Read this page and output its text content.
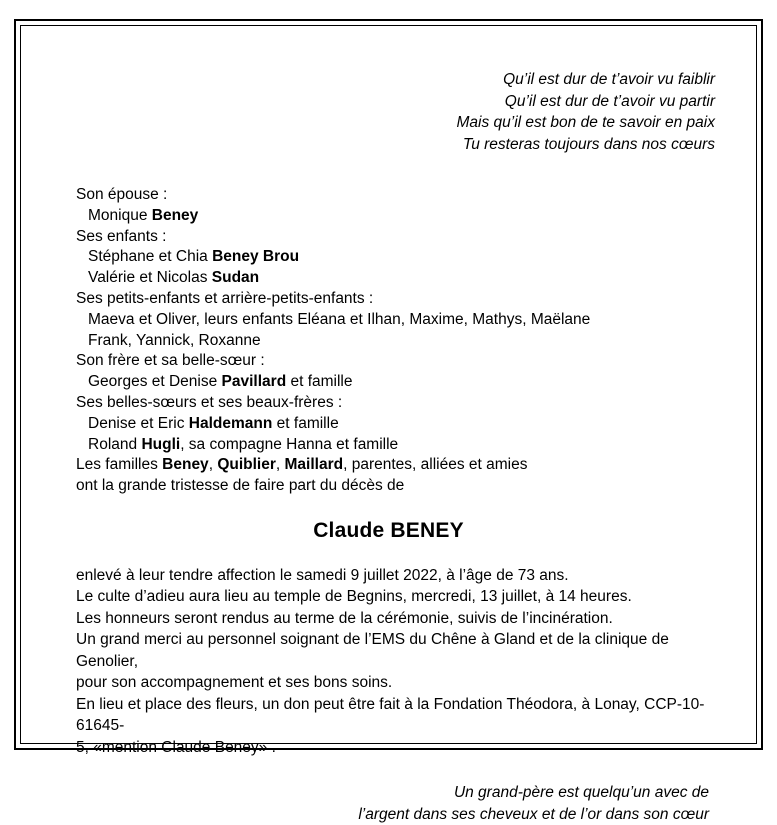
Qu’il est dur de t’avoir vu faiblir
Qu’il est dur de t’avoir vu partir
Mais qu’il est bon de te savoir en paix
Tu resteras toujours dans nos cœurs

Son épouse :

Monique Beney

Ses enfants :

Stéphane et Chia Beney Brou

Valérie et Nicolas Sudan

Ses petits-enfants et arrière-petits-enfants :

Maeva et Oliver, leurs enfants Eléana et Ilhan, Maxime, Mathys, Maëlane

Frank, Yannick, Roxanne

Son frère et sa belle-sœur :

Georges et Denise Pavillard et famille

Ses belles-sœurs et ses beaux-frères :

Denise et Eric Haldemann et famille

Roland Hugli, sa compagne Hanna et famille

Les familles Beney, Quiblier, Maillard, parentes, alliées et amies

ont la grande tristesse de faire part du décès de

Claude BENEY

enlevé à leur tendre affection le samedi 9 juillet 2022, à l’âge de 73 ans.

Le culte d’adieu aura lieu au temple de Begnins, mercredi, 13 juillet, à 14 heures.

Les honneurs seront rendus au terme de la cérémonie, suivis de l’incinération.

Un grand merci au personnel soignant de l’EMS du Chêne à Gland et de la clinique de Genolier,

pour son accompagnement et ses bons soins.

En lieu et place des fleurs, un don peut être fait à la Fondation Théodora, à Lonay, CCP-10-61645-

5, «mention Claude Beney» .

Un grand-père est quelqu’un avec de
l’argent dans ses cheveux et de l’or dans son cœur
